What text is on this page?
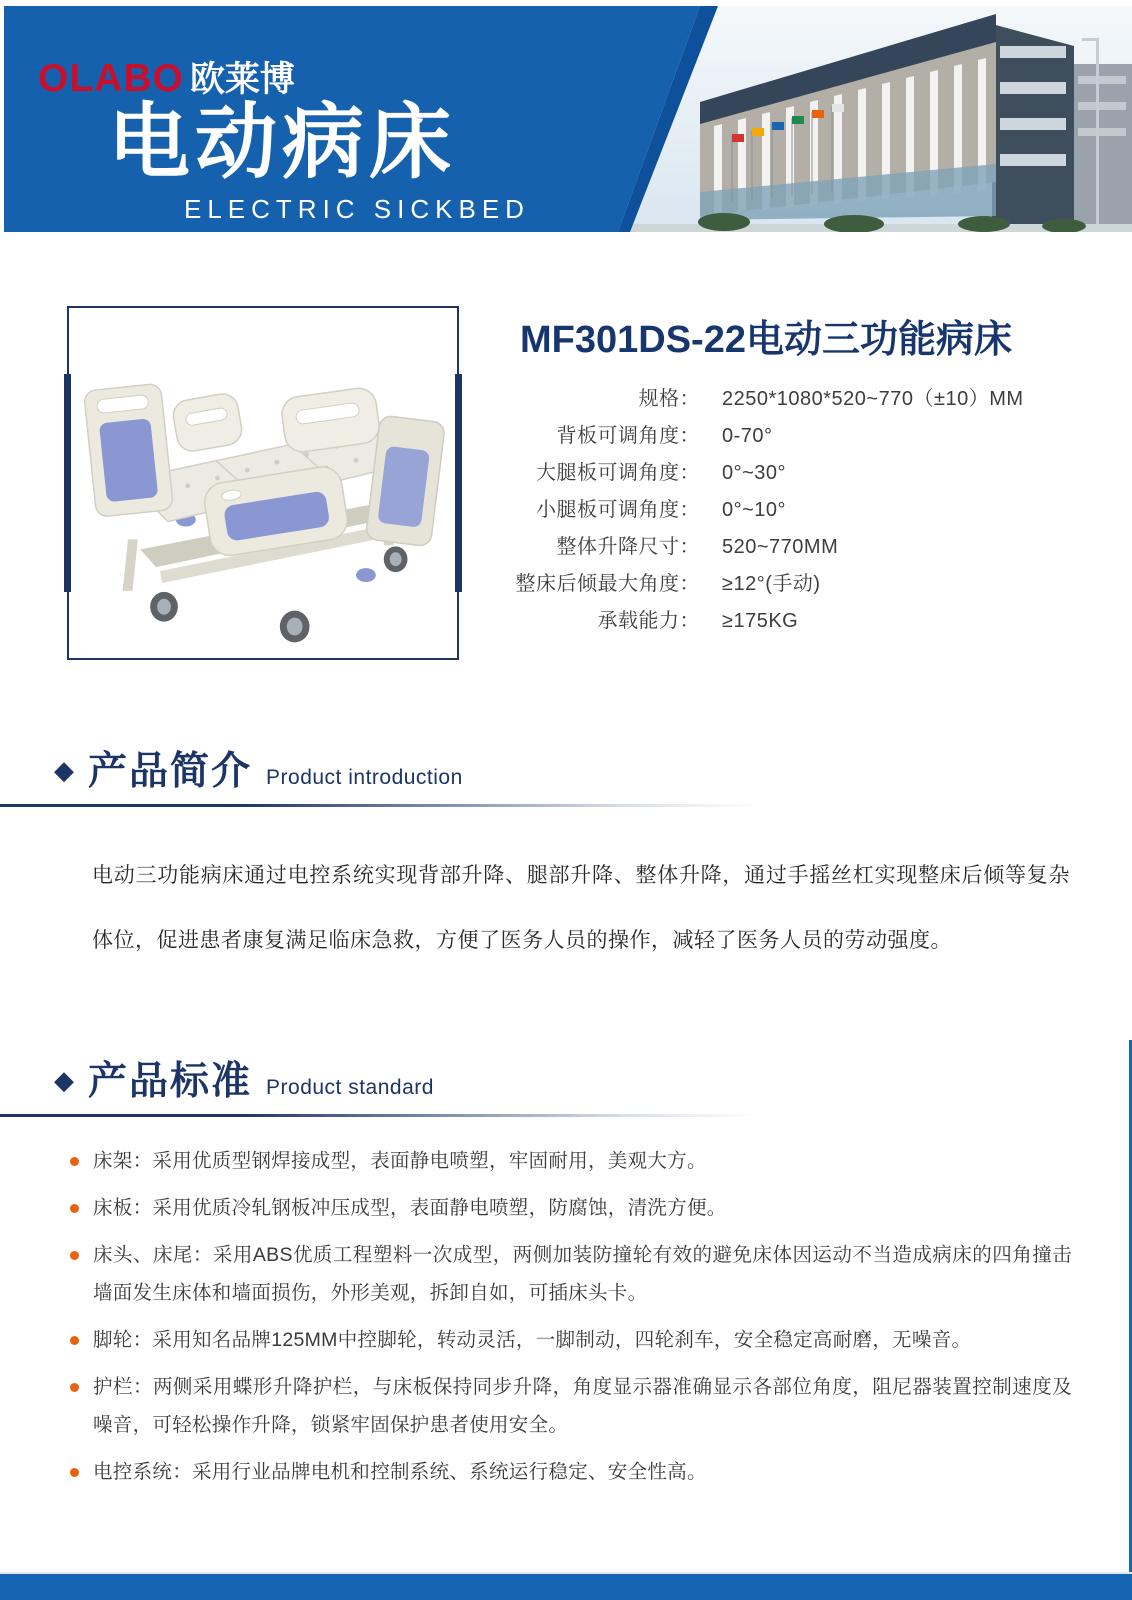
OLABO 欧莱博
电动病床
ELECTRIC SICKBED
MF301DS-22电动三功能病床
规格： 2250*1080*520~770（±10）MM
背板可调角度： 0-70°
大腿板可调角度： 0°~30°
小腿板可调角度： 0°~10°
整体升降尺寸： 520~770MM
整床后倾最大角度： ≥12°(手动)
承载能力： ≥175KG
◆ 产品简介 Product introduction

电动三功能病床通过电控系统实现背部升降、腿部升降、整体升降，通过手摇丝杠实现整床后倾等复杂体位，促进患者康复满足临床急救，方便了医务人员的操作，减轻了医务人员的劳动强度。

◆ 产品标准 Product standard
床架：采用优质型钢焊接成型，表面静电喷塑，牢固耐用，美观大方。
床板：采用优质冷轧钢板冲压成型，表面静电喷塑，防腐蚀，清洗方便。
床头、床尾：采用ABS优质工程塑料一次成型，两侧加装防撞轮有效的避免床体因运动不当造成病床的四角撞击墙面发生床体和墙面损伤，外形美观，拆卸自如，可插床头卡。
脚轮：采用知名品牌125MM中控脚轮，转动灵活，一脚制动，四轮刹车，安全稳定高耐磨，无噪音。
护栏：两侧采用蝶形升降护栏，与床板保持同步升降，角度显示器准确显示各部位角度，阻尼器装置控制速度及噪音，可轻松操作升降，锁紧牢固保护患者使用安全。
电控系统：采用行业品牌电机和控制系统、系统运行稳定、安全性高。
